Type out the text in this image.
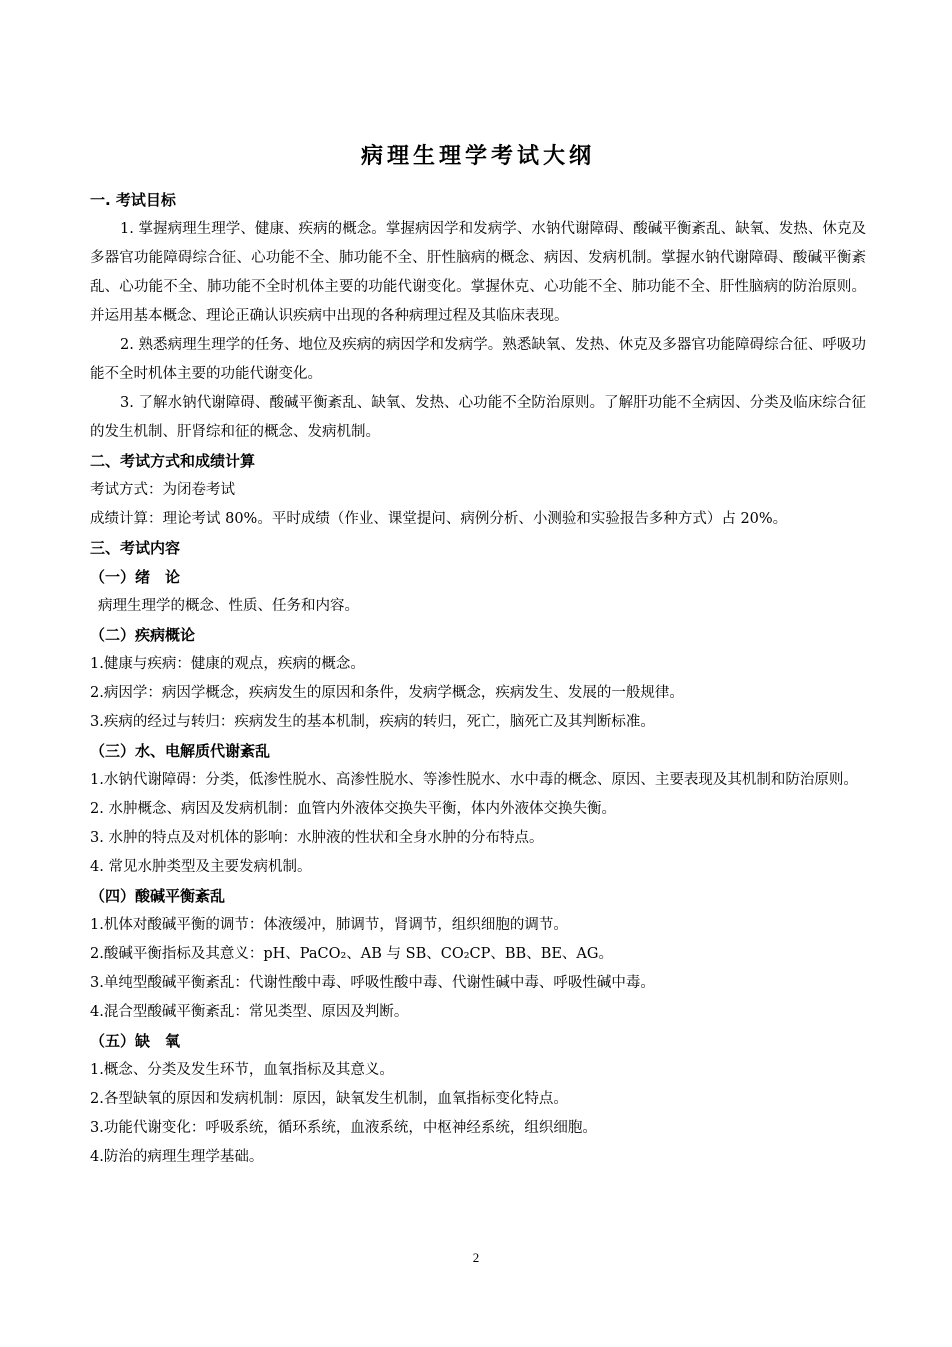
病理生理学考试大纲
一. 考试目标
1. 掌握病理生理学、健康、疾病的概念。掌握病因学和发病学、水钠代谢障碍、酸碱平衡紊乱、缺氧、发热、休克及多器官功能障碍综合征、心功能不全、肺功能不全、肝性脑病的概念、病因、发病机制。掌握水钠代谢障碍、酸碱平衡紊乱、心功能不全、肺功能不全时机体主要的功能代谢变化。掌握休克、心功能不全、肺功能不全、肝性脑病的防治原则。并运用基本概念、理论正确认识疾病中出现的各种病理过程及其临床表现。
2. 熟悉病理生理学的任务、地位及疾病的病因学和发病学。熟悉缺氧、发热、休克及多器官功能障碍综合征、呼吸功能不全时机体主要的功能代谢变化。
3. 了解水钠代谢障碍、酸碱平衡紊乱、缺氧、发热、心功能不全防治原则。了解肝功能不全病因、分类及临床综合征的发生机制、肝肾综和征的概念、发病机制。
二、考试方式和成绩计算
考试方式：为闭卷考试
成绩计算：理论考试 80%。平时成绩（作业、课堂提问、病例分析、小测验和实验报告多种方式）占 20%。
三、考试内容
（一）绪　论
病理生理学的概念、性质、任务和内容。
（二）疾病概论
1.健康与疾病：健康的观点，疾病的概念。
2.病因学：病因学概念，疾病发生的原因和条件，发病学概念，疾病发生、发展的一般规律。
3.疾病的经过与转归：疾病发生的基本机制，疾病的转归，死亡，脑死亡及其判断标准。
（三）水、电解质代谢紊乱
1.水钠代谢障碍：分类，低渗性脱水、高渗性脱水、等渗性脱水、水中毒的概念、原因、主要表现及其机制和防治原则。
2. 水肿概念、病因及发病机制：血管内外液体交换失平衡，体内外液体交换失衡。
3. 水肿的特点及对机体的影响：水肿液的性状和全身水肿的分布特点。
4. 常见水肿类型及主要发病机制。
（四）酸碱平衡紊乱
1.机体对酸碱平衡的调节：体液缓冲，肺调节，肾调节，组织细胞的调节。
2.酸碱平衡指标及其意义：pH、PaCO₂、AB 与 SB、CO₂CP、BB、BE、AG。
3.单纯型酸碱平衡紊乱：代谢性酸中毒、呼吸性酸中毒、代谢性碱中毒、呼吸性碱中毒。
4.混合型酸碱平衡紊乱：常见类型、原因及判断。
（五）缺　氧
1.概念、分类及发生环节，血氧指标及其意义。
2.各型缺氧的原因和发病机制：原因，缺氧发生机制，血氧指标变化特点。
3.功能代谢变化：呼吸系统，循环系统，血液系统，中枢神经系统，组织细胞。
4.防治的病理生理学基础。
2
